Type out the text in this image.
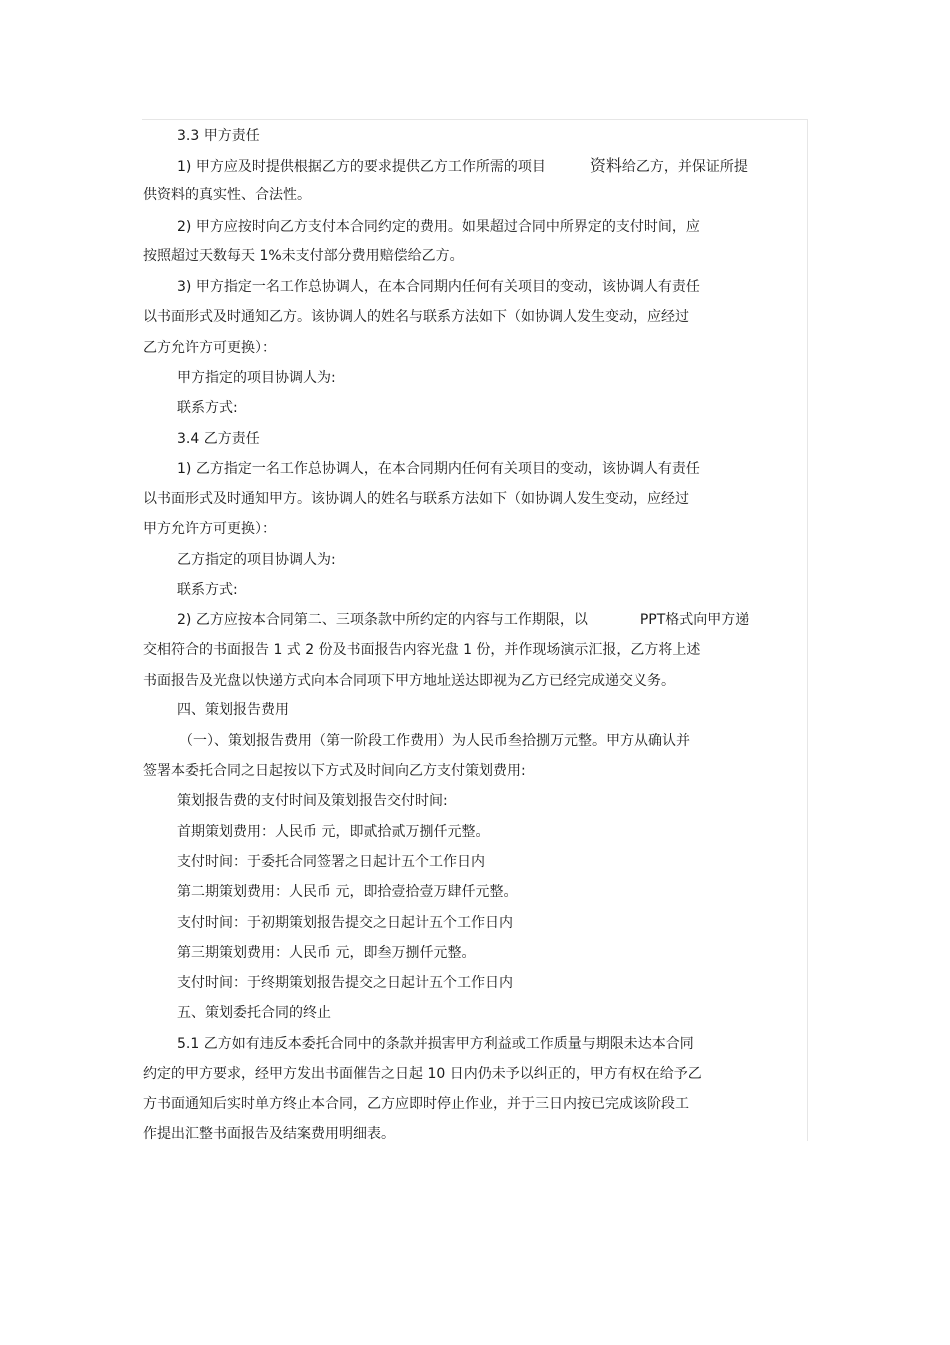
3.3 甲方责任

1) 甲方应及时提供根据乙方的要求提供乙方工作所需的项目	资料给乙方，并保证所提

供资料的真实性、合法性。

2) 甲方应按时向乙方支付本合同约定的费用。如果超过合同中所界定的支付时间，应

按照超过天数每天 1%未支付部分费用赔偿给乙方。

3) 甲方指定一名工作总协调人，在本合同期内任何有关项目的变动，该协调人有责任

以书面形式及时通知乙方。该协调人的姓名与联系方法如下（如协调人发生变动，应经过

乙方允许方可更换）：

甲方指定的项目协调人为:

联系方式:

3.4 乙方责任

1) 乙方指定一名工作总协调人，在本合同期内任何有关项目的变动，该协调人有责任

以书面形式及时通知甲方。该协调人的姓名与联系方法如下（如协调人发生变动，应经过

甲方允许方可更换）：

乙方指定的项目协调人为:

联系方式:

2) 乙方应按本合同第二、三项条款中所约定的内容与工作期限，以	PPT格式向甲方递

交相符合的书面报告 1 式 2 份及书面报告内容光盘 1 份，并作现场演示汇报，乙方将上述

书面报告及光盘以快递方式向本合同项下甲方地址送达即视为乙方已经完成递交义务。

四、策划报告费用

（一）、策划报告费用（第一阶段工作费用）为人民币叁拾捌万元整。甲方从确认并

签署本委托合同之日起按以下方式及时间向乙方支付策划费用:

策划报告费的支付时间及策划报告交付时间:

首期策划费用：人民币 元，即贰拾贰万捌仟元整。

支付时间：于委托合同签署之日起计五个工作日内

第二期策划费用：人民币 元，即拾壹拾壹万肆仟元整。

支付时间：于初期策划报告提交之日起计五个工作日内

第三期策划费用：人民币 元，即叁万捌仟元整。

支付时间：于终期策划报告提交之日起计五个工作日内

五、策划委托合同的终止

5.1 乙方如有违反本委托合同中的条款并损害甲方利益或工作质量与期限未达本合同

约定的甲方要求，经甲方发出书面催告之日起 10 日内仍未予以纠正的，甲方有权在给予乙

方书面通知后实时单方终止本合同，乙方应即时停止作业，并于三日内按已完成该阶段工

作提出汇整书面报告及结案费用明细表。
